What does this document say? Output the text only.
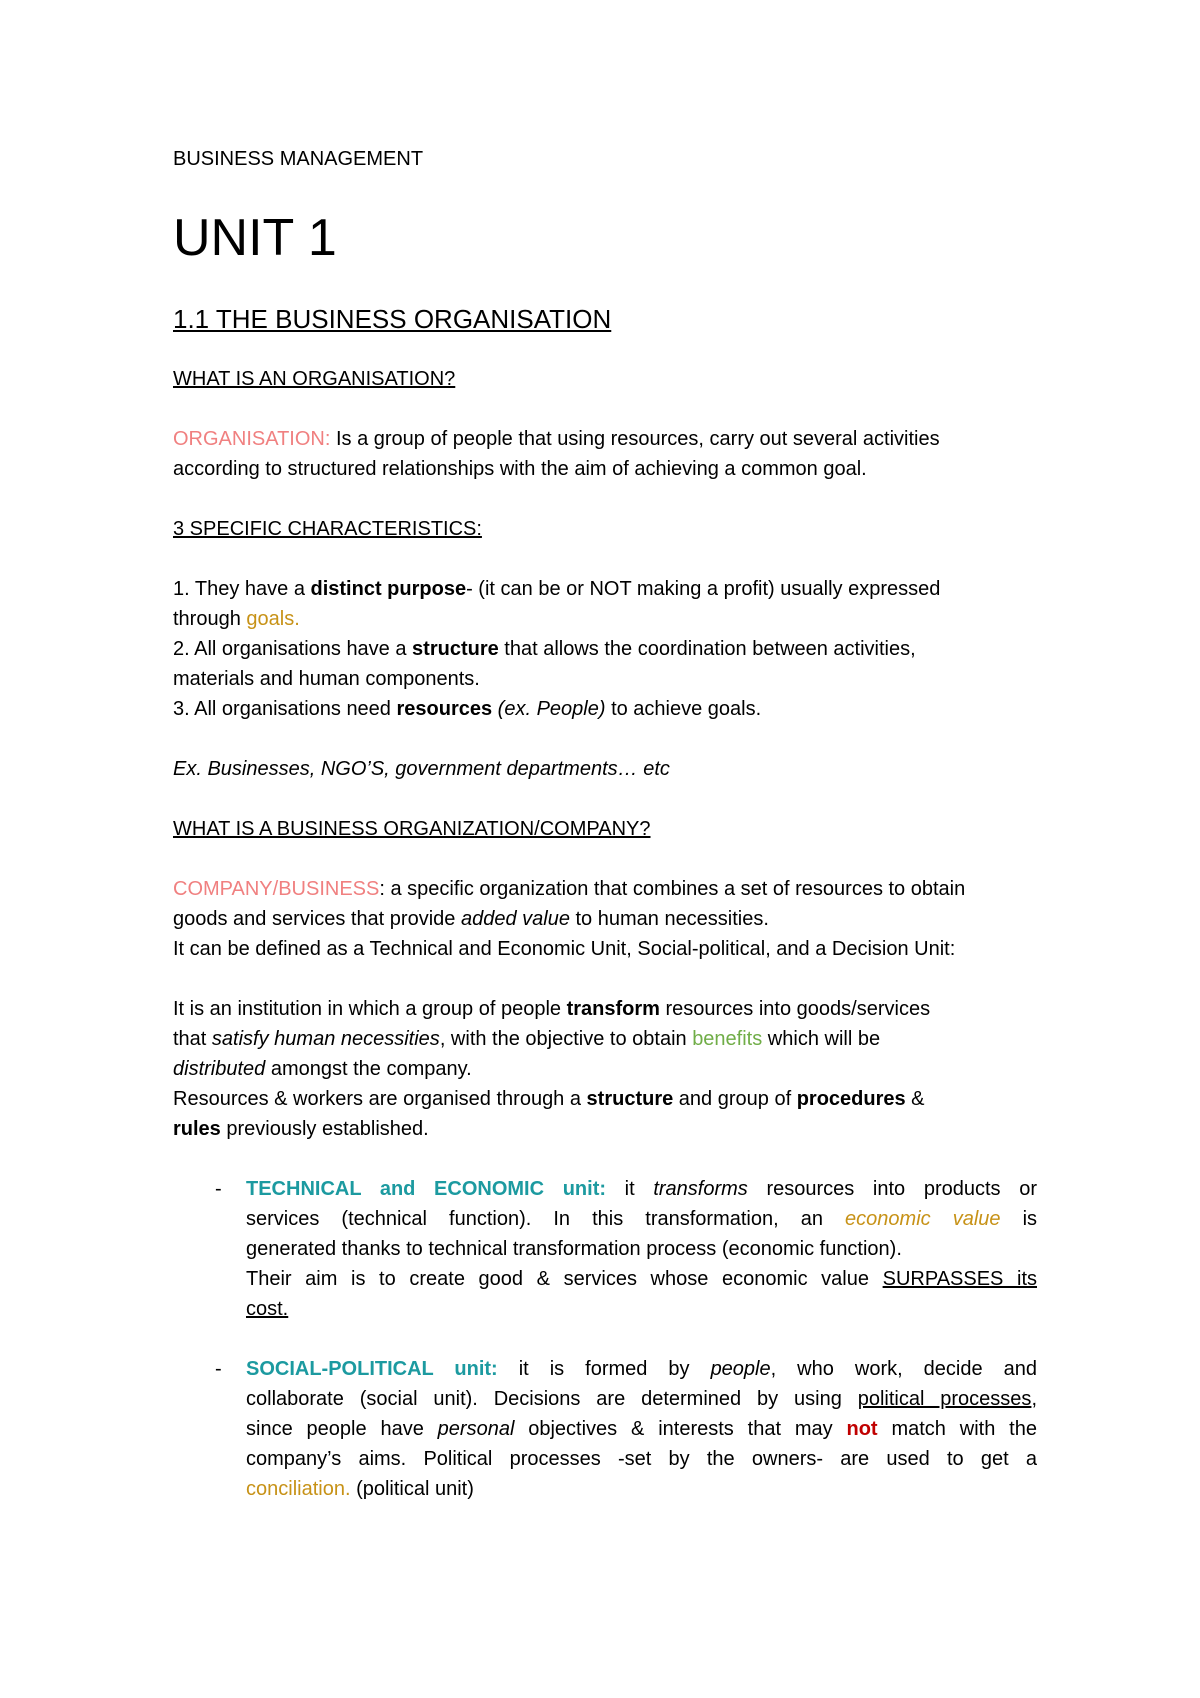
BUSINESS MANAGEMENT
UNIT 1
1.1 THE BUSINESS ORGANISATION
WHAT IS AN ORGANISATION?
ORGANISATION: Is a group of people that using resources, carry out several activities
according to structured relationships with the aim of achieving a common goal.
3 SPECIFIC CHARACTERISTICS:
1. They have a distinct purpose- (it can be or NOT making a profit) usually expressed
through goals.
2. All organisations have a structure that allows the coordination between activities,
materials and human components.
3. All organisations need resources (ex. People) to achieve goals.
Ex. Businesses, NGO’S, government departments… etc
WHAT IS A BUSINESS ORGANIZATION/COMPANY?
COMPANY/BUSINESS: a specific organization that combines a set of resources to obtain
goods and services that provide added value to human necessities.
It can be defined as a Technical and Economic Unit, Social-political, and a Decision Unit:
It is an institution in which a group of people transform resources into goods/services
that satisfy human necessities, with the objective to obtain benefits which will be
distributed amongst the company.
Resources & workers are organised through a structure and group of procedures &
rules previously established.
- TECHNICAL and ECONOMIC unit: it transforms resources into products or
services (technical function). In this transformation, an economic value is
generated thanks to technical transformation process (economic function).
Their aim is to create good & services whose economic value SURPASSES its
cost.
- SOCIAL-POLITICAL unit: it is formed by people, who work, decide and
collaborate (social unit). Decisions are determined by using political processes,
since people have personal objectives & interests that may not match with the
company’s aims. Political processes -set by the owners- are used to get a
conciliation. (political unit)
